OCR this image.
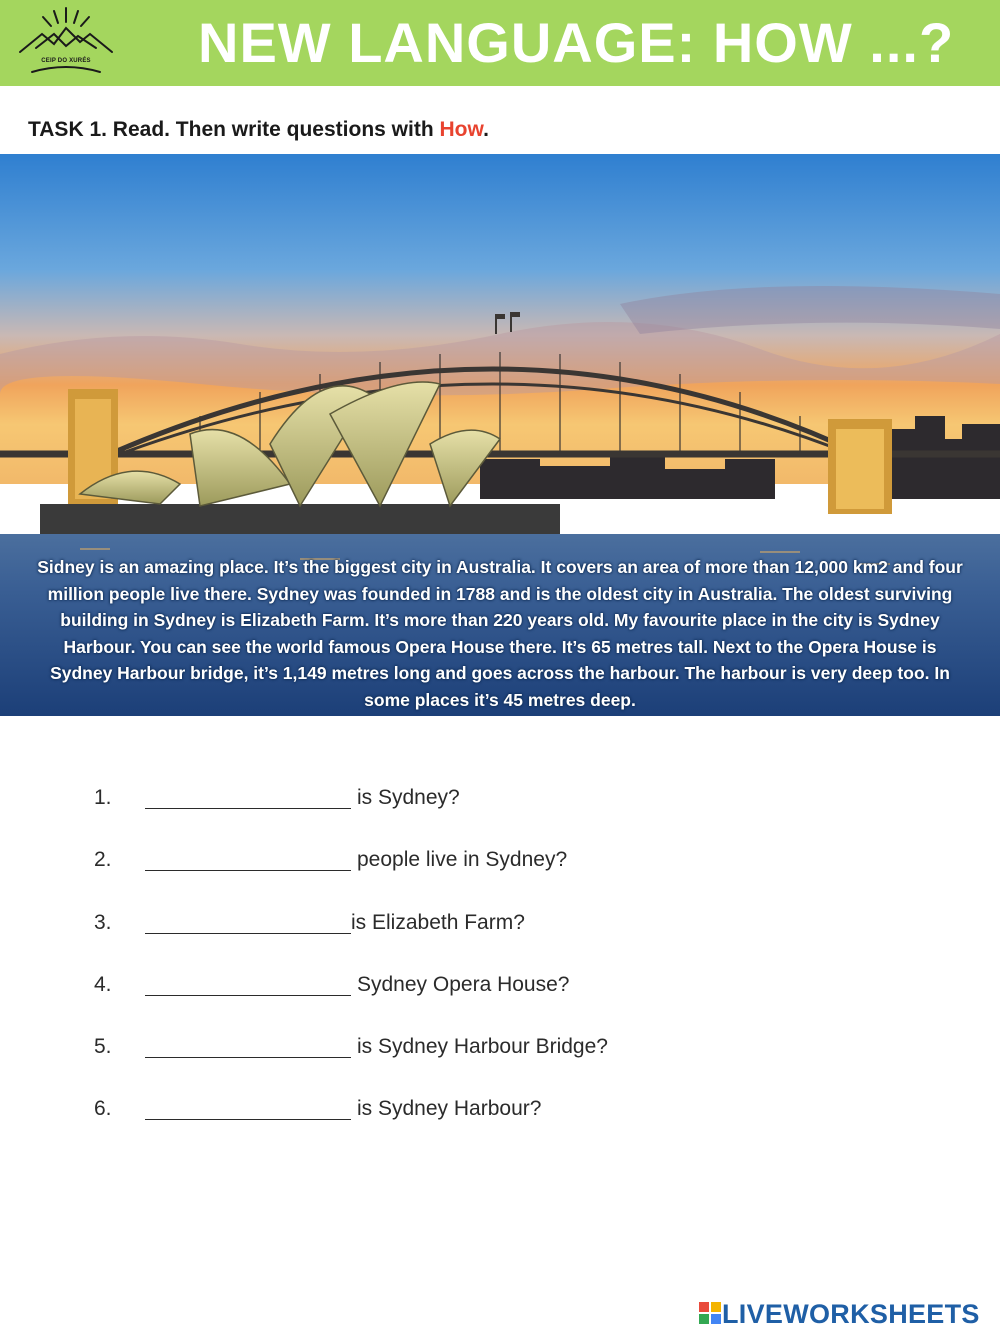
CEIP DO XURÉS	NEW LANGUAGE: HOW ...?
TASK 1. Read. Then write questions with How.
Sidney is an amazing place. It’s the biggest city in Australia. It covers an area of more than 12,000 km2 and four million people live there. Sydney was founded in 1788 and is the oldest city in Australia. The oldest surviving building in Sydney is Elizabeth Farm. It’s more than 220 years old. My favourite place in the city is Sydney Harbour. You can see the world famous Opera House there. It’s 65 metres tall. Next to the Opera House is Sydney Harbour bridge, it’s 1,149 metres long and goes across the harbour. The harbour is very deep too. In some places it’s 45 metres deep.
1.	is Sydney?
2.	people live in Sydney?
3.	is Elizabeth Farm?
4.	Sydney Opera House?
5.	is Sydney Harbour Bridge?
6.	is Sydney Harbour?
LIVEWORKSHEETS
